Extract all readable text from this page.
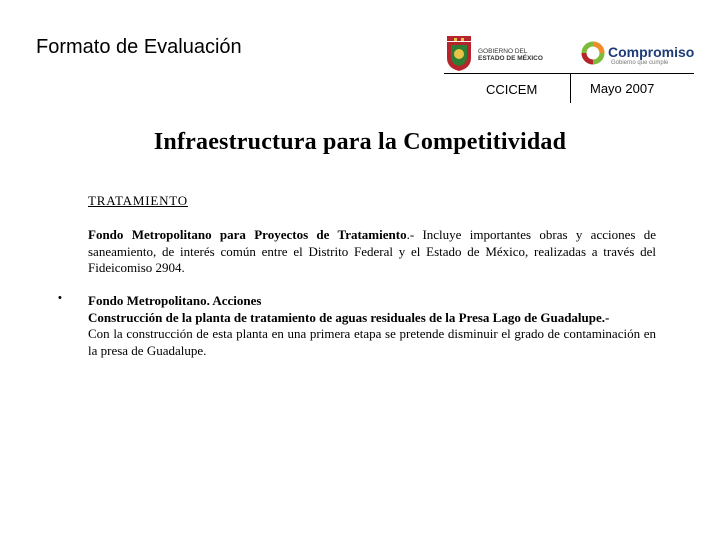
Formato de Evaluación	GOBIERNO DEL
ESTADO DE MÉXICO	Compromiso
Gobierno que cumple
CCICEM	Mayo 2007
Infraestructura para la Competitividad
TRATAMIENTO
Fondo Metropolitano para Proyectos de Tratamiento.- Incluye importantes obras y acciones de saneamiento, de interés común entre el Distrito Federal y el Estado de México, realizadas a través del Fideicomiso 2904.
• Fondo Metropolitano. Acciones
Construcción de la planta de tratamiento de aguas residuales de la Presa Lago de Guadalupe.-
Con la construcción de esta planta en una primera etapa se pretende disminuir el grado de contaminación en la presa de Guadalupe.
